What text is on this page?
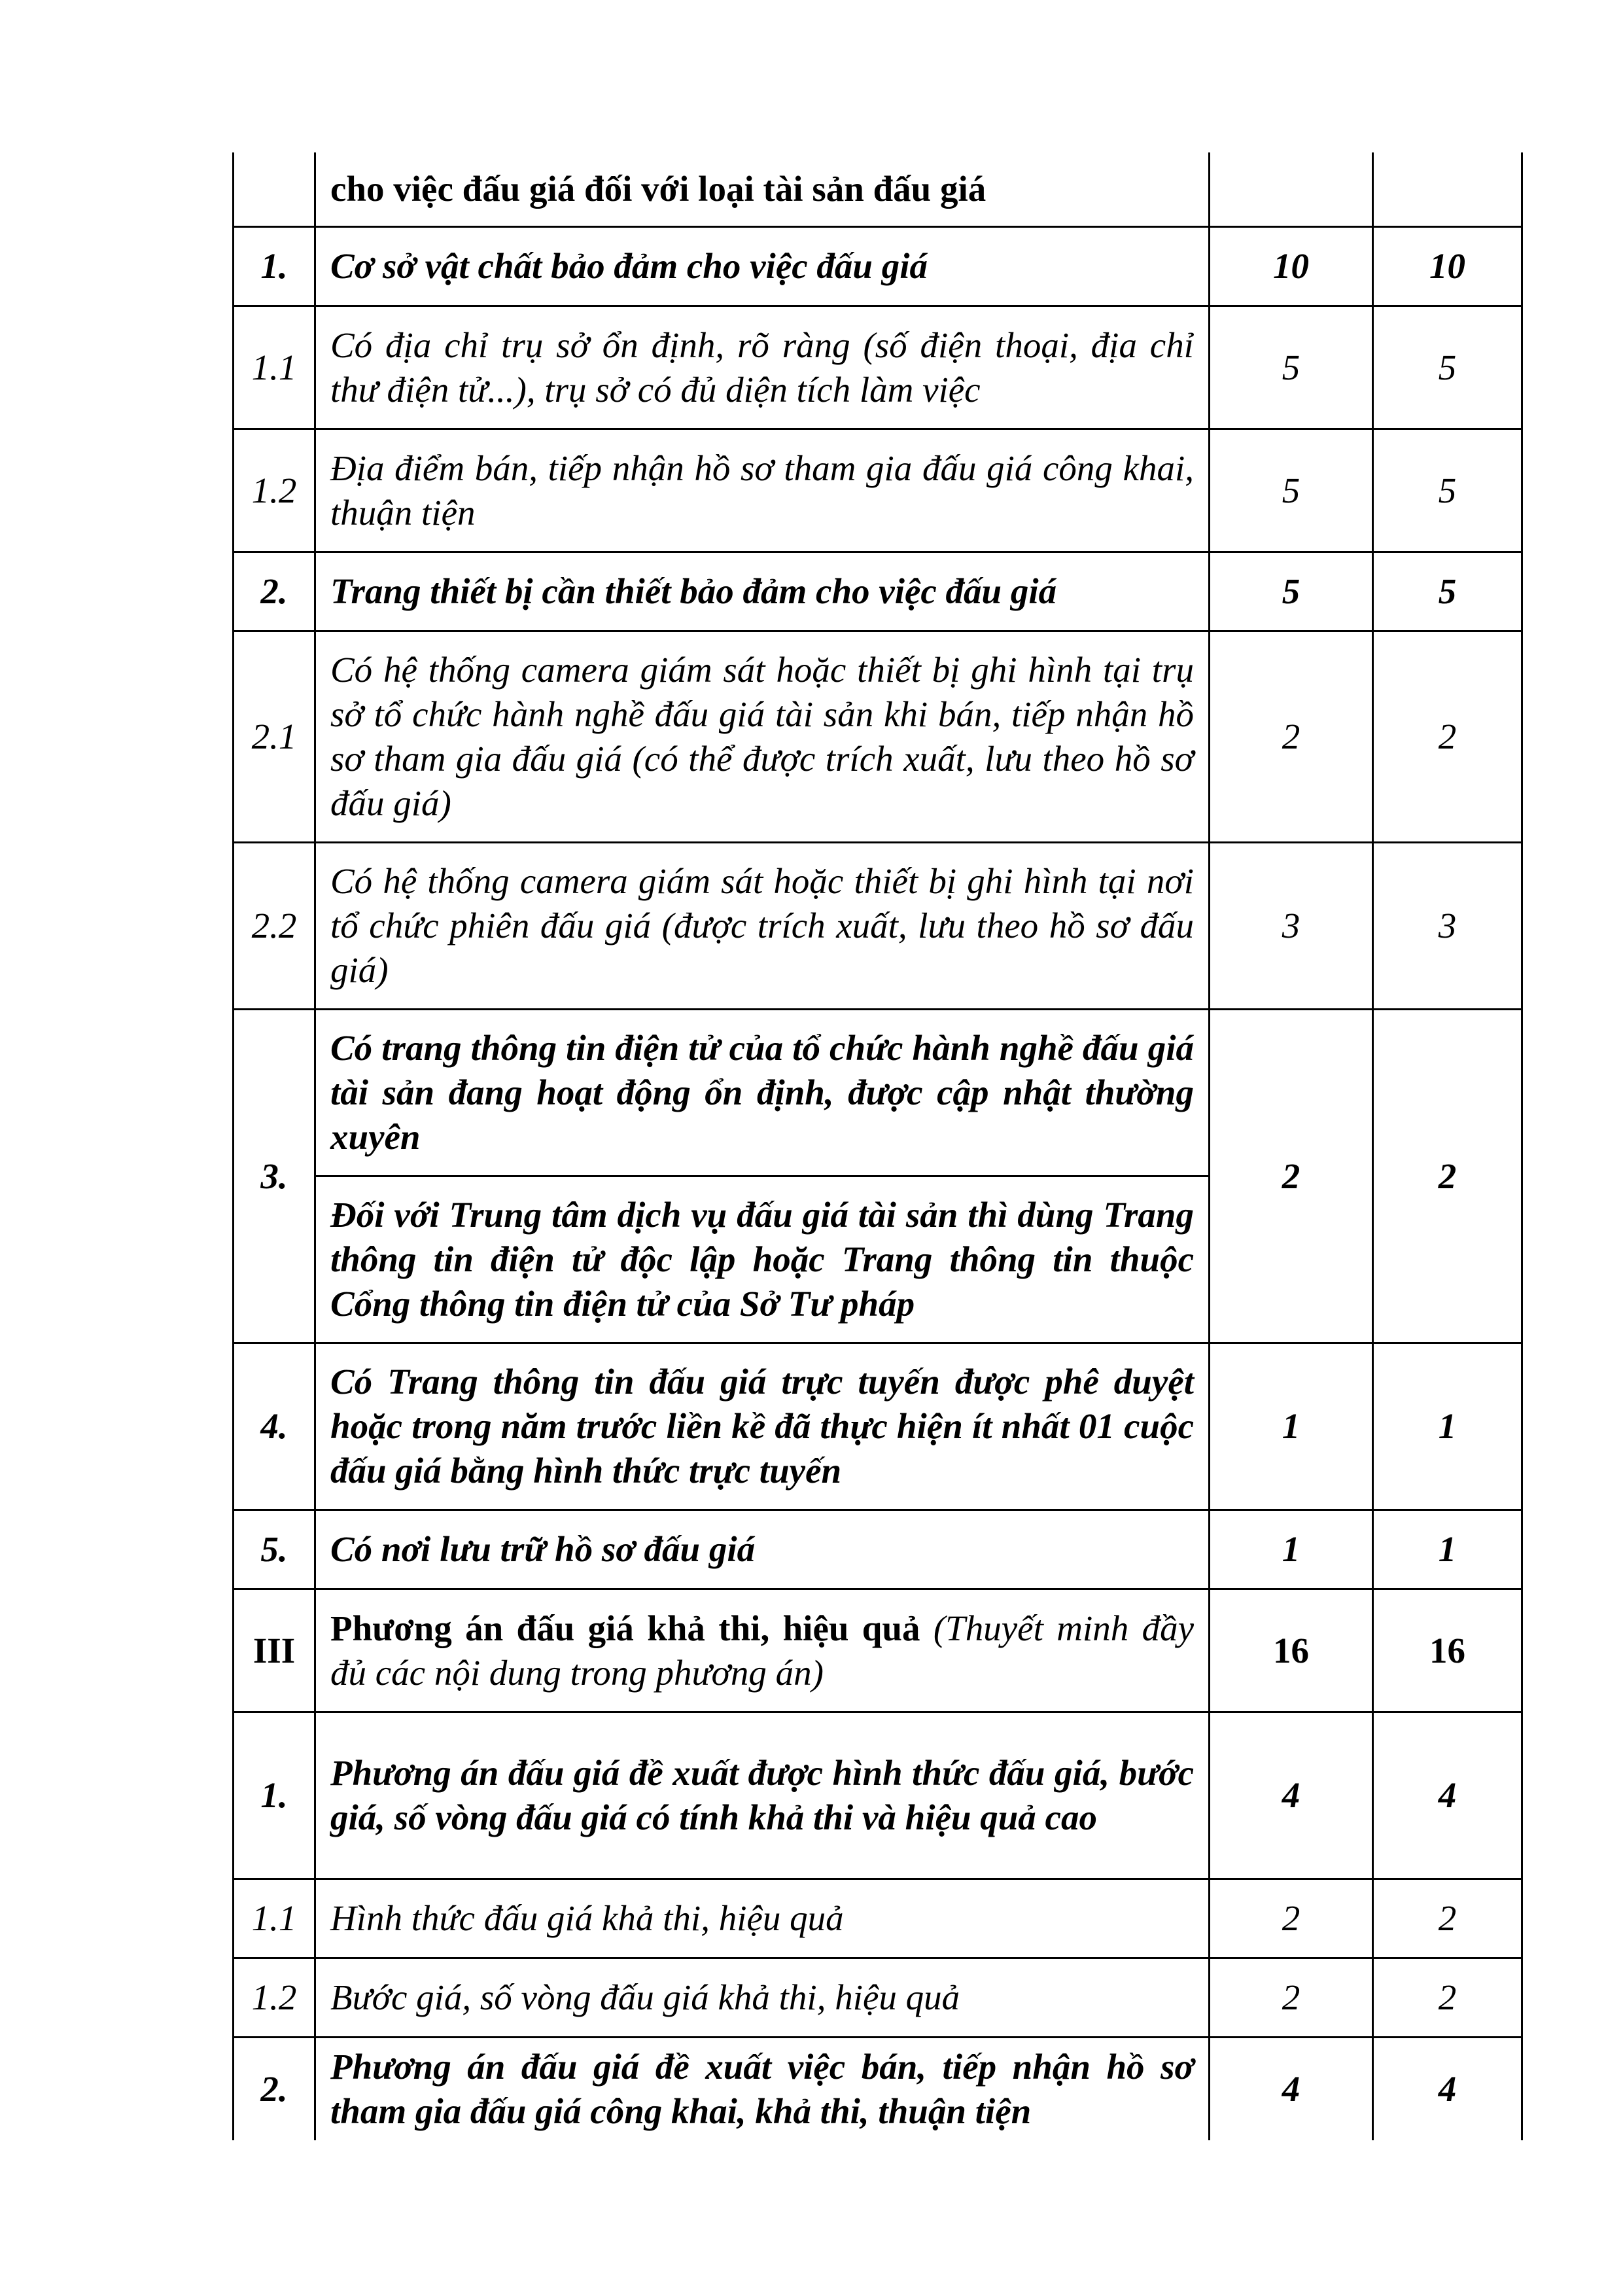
	cho việc đấu giá đối với loại tài sản đấu giá		

1.	Cơ sở vật chất bảo đảm cho việc đấu giá	10	10
1.1	Có địa chỉ trụ sở ổn định, rõ ràng (số điện thoại, địa chỉ thư điện tử...), trụ sở có đủ diện tích làm việc	5	5
1.2	Địa điểm bán, tiếp nhận hồ sơ tham gia đấu giá công khai, thuận tiện	5	5
2.	Trang thiết bị cần thiết bảo đảm cho việc đấu giá	5	5
2.1	Có hệ thống camera giám sát hoặc thiết bị ghi hình tại trụ sở tổ chức hành nghề đấu giá tài sản khi bán, tiếp nhận hồ sơ tham gia đấu giá (có thể được trích xuất, lưu theo hồ sơ đấu giá)	2	2
2.2	Có hệ thống camera giám sát hoặc thiết bị ghi hình tại nơi tổ chức phiên đấu giá (được trích xuất, lưu theo hồ sơ đấu giá)	3	3
3.	Có trang thông tin điện tử của tổ chức hành nghề đấu giá tài sản đang hoạt động ổn định, được cập nhật thường xuyên	2	2

	Đối với Trung tâm dịch vụ đấu giá tài sản thì dùng Trang thông tin điện tử độc lập hoặc Trang thông tin thuộc Cổng thông tin điện tử của Sở Tư pháp		

4.	Có Trang thông tin đấu giá trực tuyến được phê duyệt hoặc trong năm trước liền kề đã thực hiện ít nhất 01 cuộc đấu giá bằng hình thức trực tuyến	1	1
5.	Có nơi lưu trữ hồ sơ đấu giá	1	1
III	Phương án đấu giá khả thi, hiệu quả (Thuyết minh đầy đủ các nội dung trong phương án)	16	16
1.	Phương án đấu giá đề xuất được hình thức đấu giá, bước giá, số vòng đấu giá có tính khả thi và hiệu quả cao	4	4
1.1	Hình thức đấu giá khả thi, hiệu quả	2	2
1.2	Bước giá, số vòng đấu giá khả thi, hiệu quả	2	2
2.	Phương án đấu giá đề xuất việc bán, tiếp nhận hồ sơ tham gia đấu giá công khai, khả thi, thuận tiện	4	4
